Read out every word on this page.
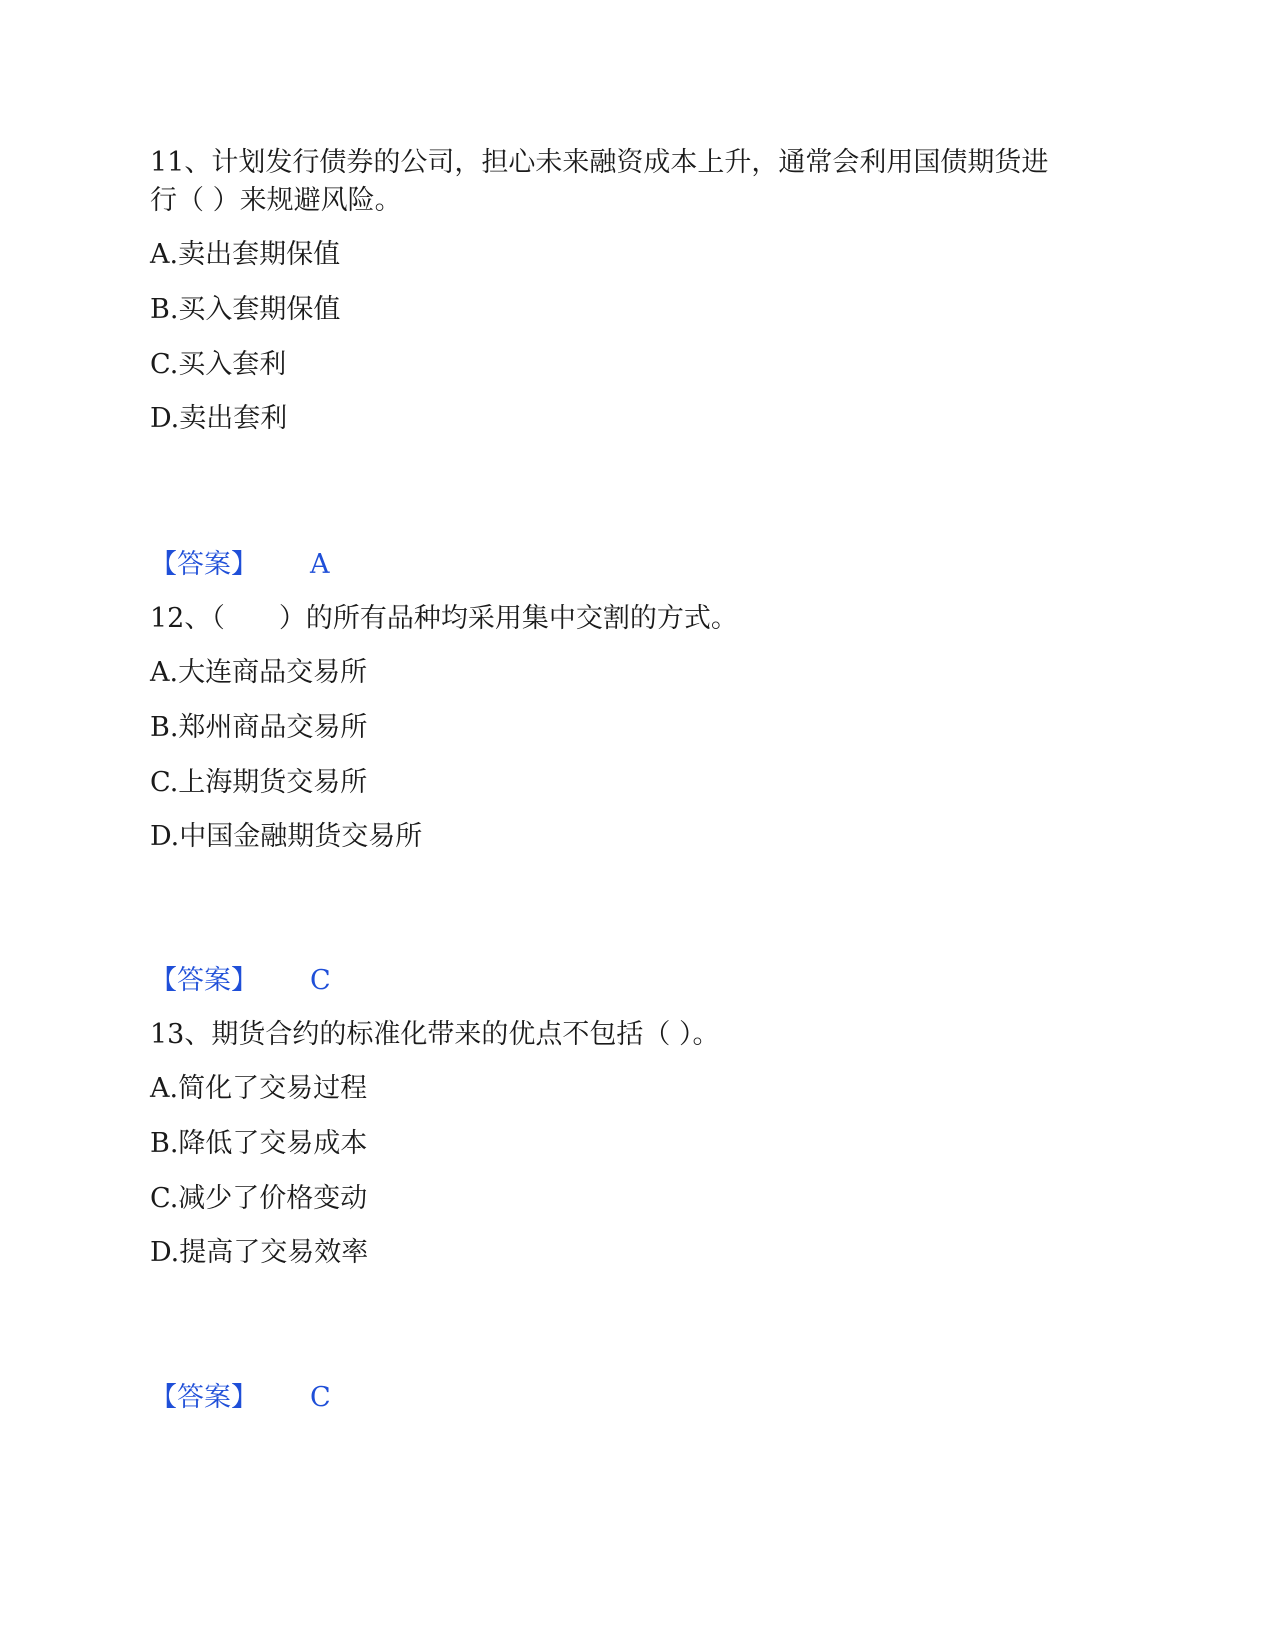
11、计划发行债券的公司，担心未来融资成本上升，通常会利用国债期货进
行（ ）来规避风险。
A.卖出套期保值
B.买入套期保值
C.买入套利
D.卖出套利
【答案】 A
12、（　　）的所有品种均采用集中交割的方式。
A.大连商品交易所
B.郑州商品交易所
C.上海期货交易所
D.中国金融期货交易所
【答案】 C
13、期货合约的标准化带来的优点不包括（ ）。
A.简化了交易过程
B.降低了交易成本
C.减少了价格变动
D.提高了交易效率
【答案】 C
